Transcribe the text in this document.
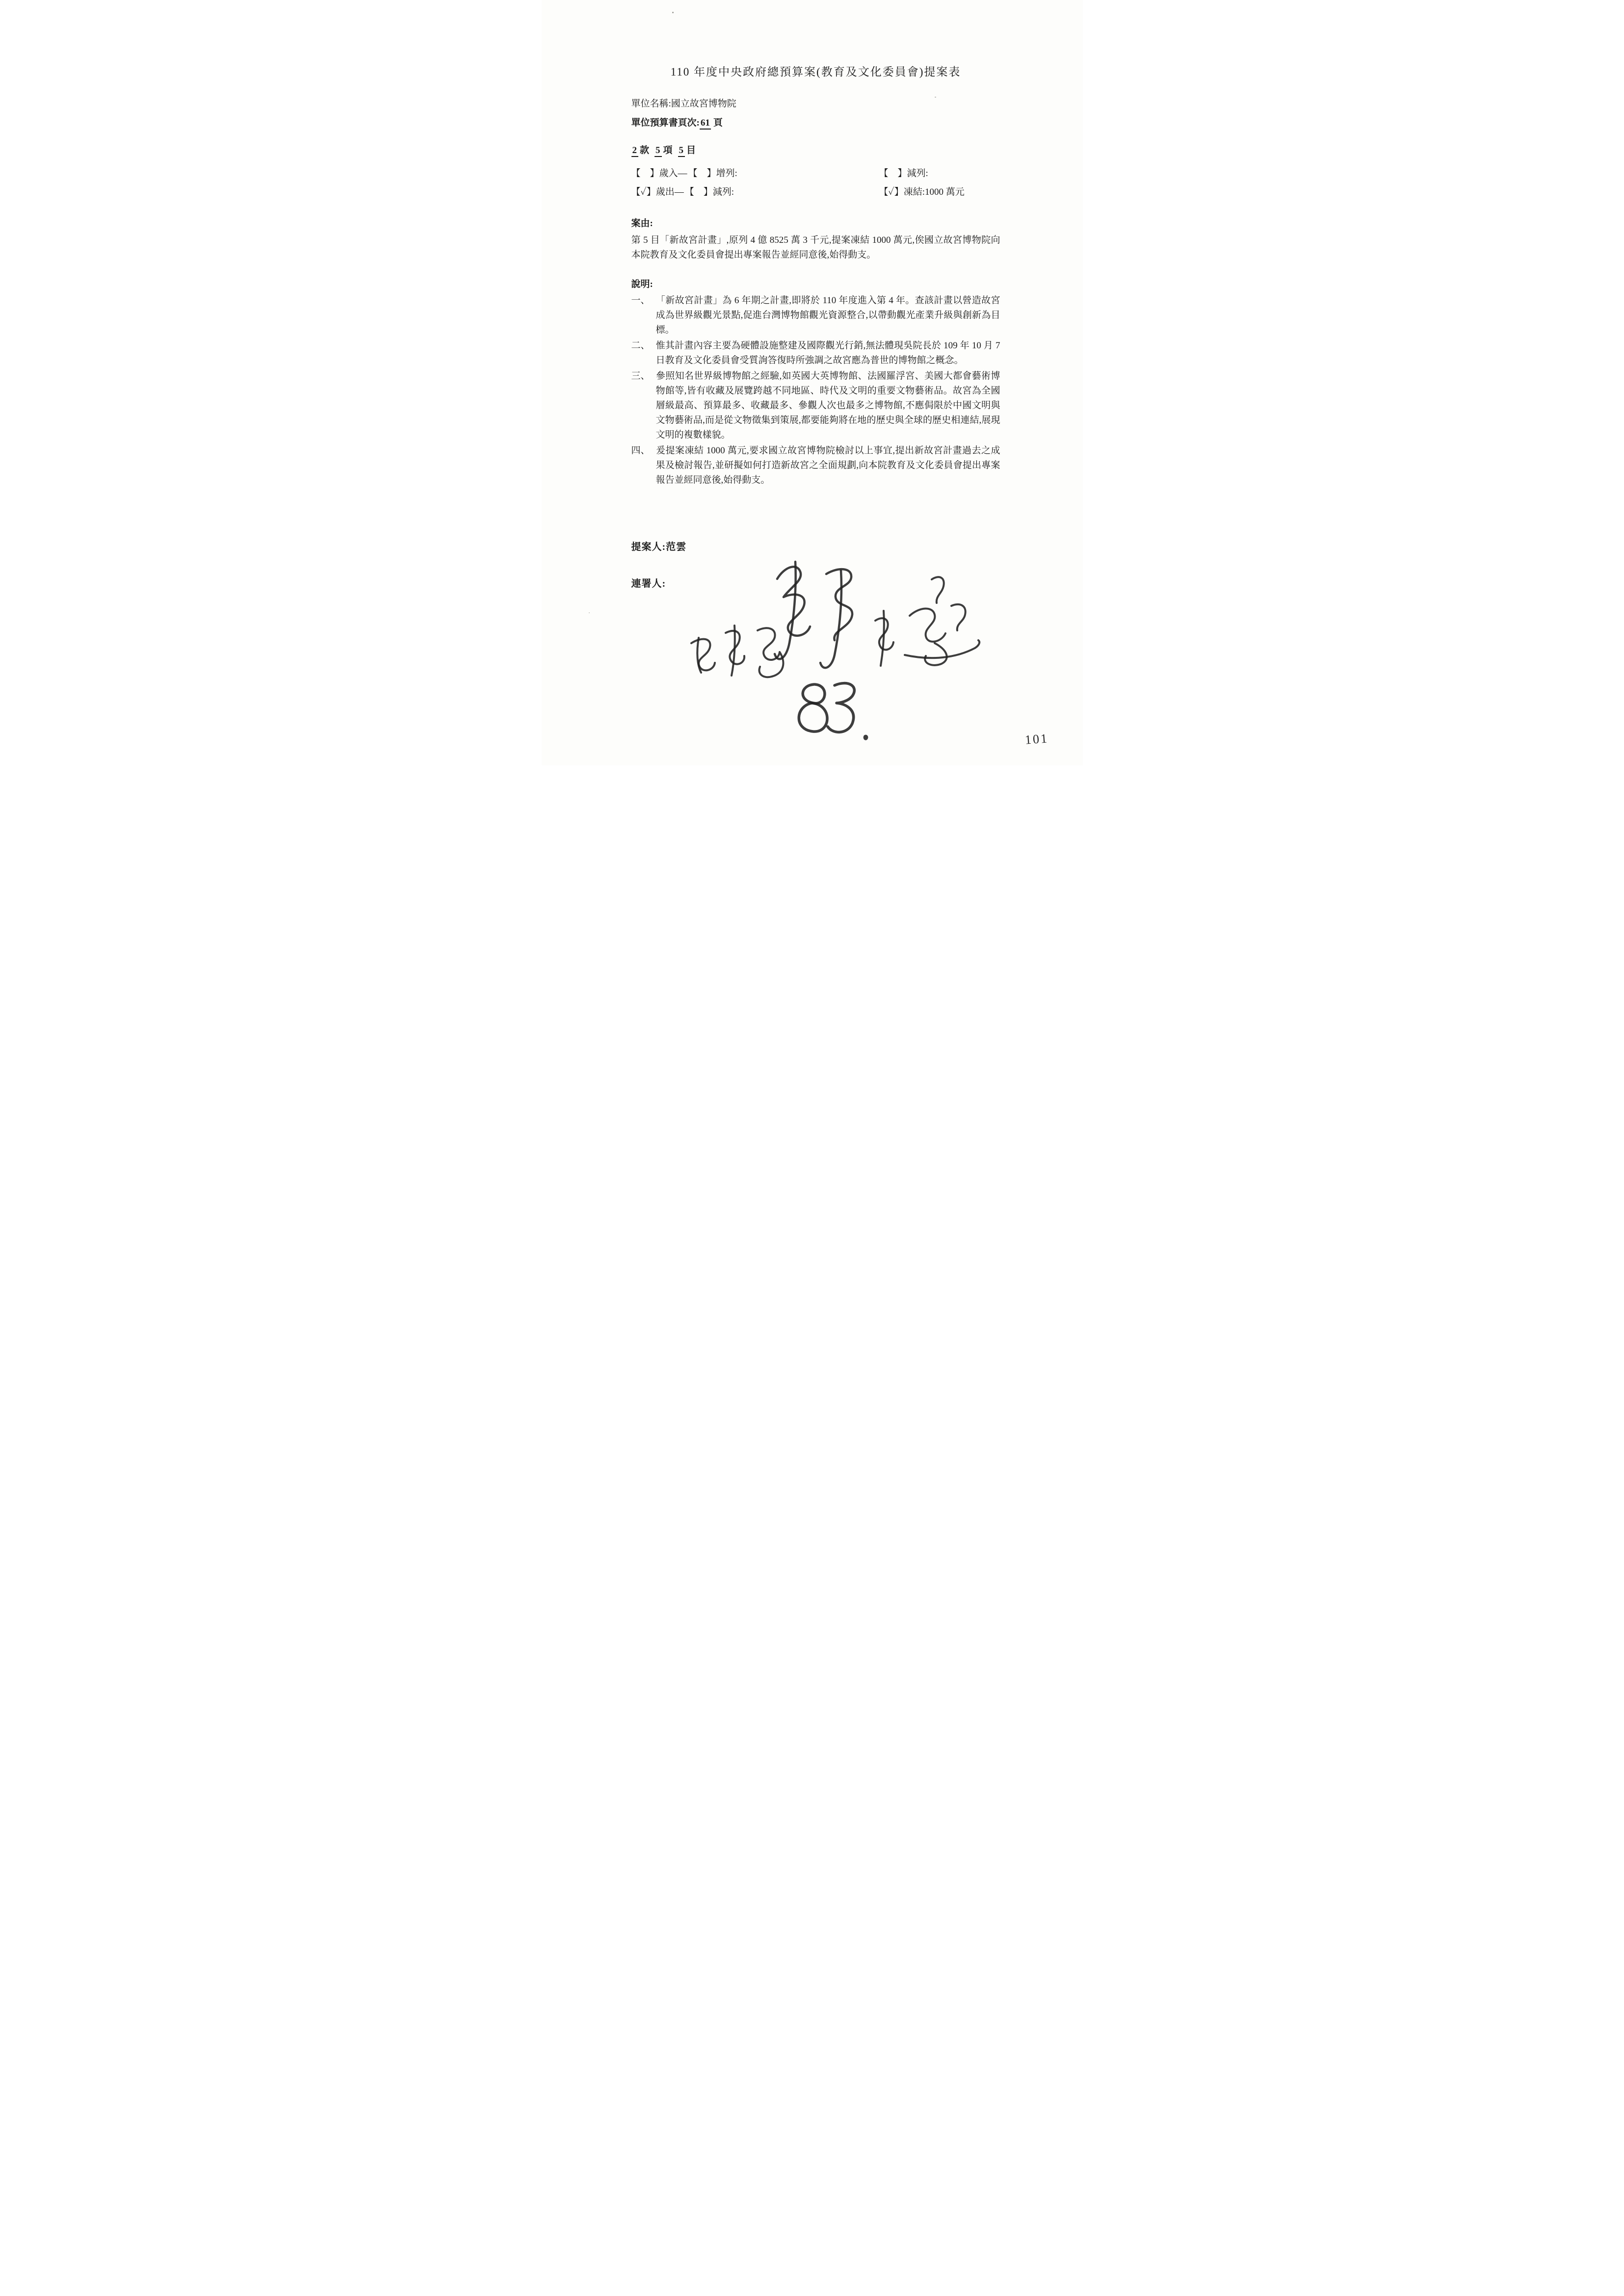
110 年度中央政府總預算案(教育及文化委員會)提案表

單位名稱:國立故宮博物院

單位預算書頁次: 61 頁

2 款 5 項 5 目

【　】歲入— 【　】增列:	【　】減列:
【✓】歲出— 【　】減列:	【✓】凍結:1000 萬元
案由:

第 5 目「新故宮計畫」,原列 4 億 8525 萬 3 千元,提案凍結 1000 萬元,俟國立故宮博物院向本院教育及文化委員會提出專案報告並經同意後,始得動支。

說明:

一、 「新故宮計畫」為 6 年期之計畫,即將於 110 年度進入第 4 年。查該計畫以營造故宮成為世界級觀光景點,促進台灣博物館觀光資源整合,以帶動觀光產業升級與創新為目標。

二、 惟其計畫內容主要為硬體設施整建及國際觀光行銷,無法體現吳院長於 109 年 10 月 7 日教育及文化委員會受質詢答復時所強調之故宮應為普世的博物館之概念。

三、 參照知名世界級博物館之經驗,如英國大英博物館、法國羅浮宮、美國大都會藝術博物館等,皆有收藏及展覽跨越不同地區、時代及文明的重要文物藝術品。故宮為全國層級最高、預算最多、收藏最多、參觀人次也最多之博物館,不應侷限於中國文明與文物藝術品,而是從文物徵集到策展,都要能夠將在地的歷史與全球的歷史相連結,展現文明的複數樣貌。

四、 爰提案凍結 1000 萬元,要求國立故宮博物院檢討以上事宜,提出新故宮計畫過去之成果及檢討報告,並研擬如何打造新故宮之全面規劃,向本院教育及文化委員會提出專案報告並經同意後,始得動支。

提案人:范雲

連署人:

101
